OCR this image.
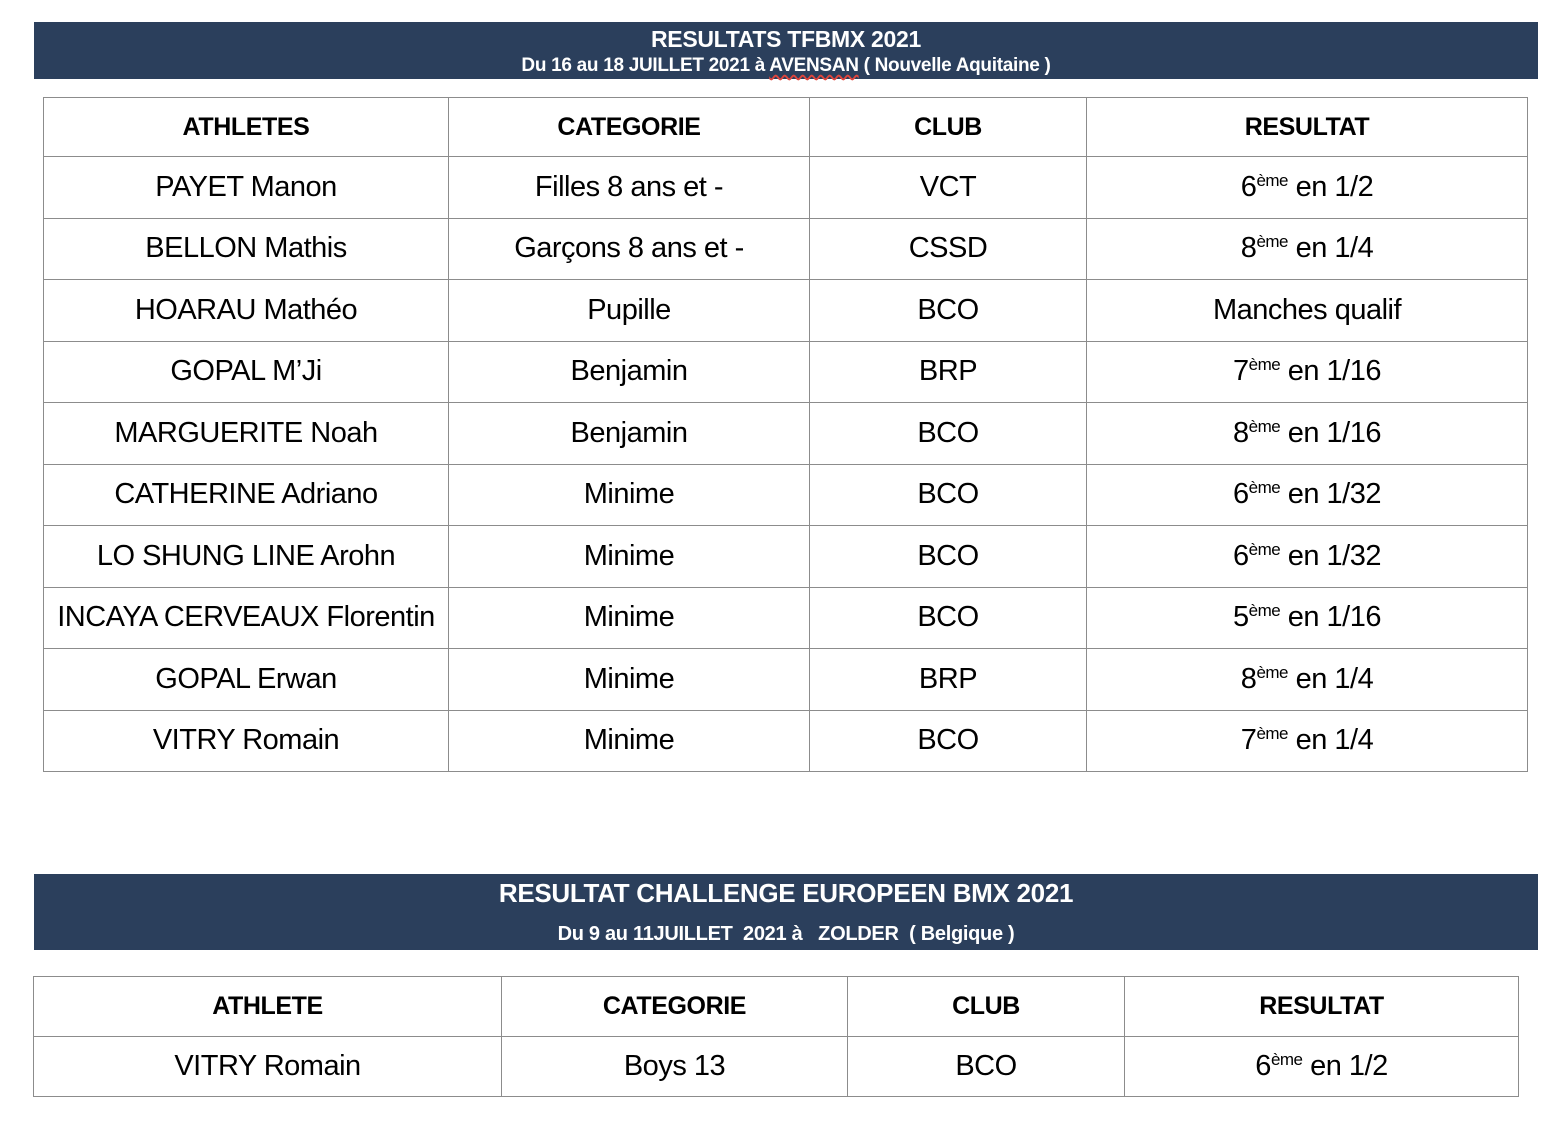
RESULTATS TFBMX 2021
Du 16 au 18 JUILLET 2021 à AVENSAN ( Nouvelle Aquitaine )
ATHLETES	CATEGORIE	CLUB	RESULTAT
PAYET Manon	Filles 8 ans et -	VCT	6ème en 1/2
BELLON Mathis	Garçons 8 ans et -	CSSD	8ème en 1/4
HOARAU Mathéo	Pupille	BCO	Manches qualif
GOPAL M’Ji	Benjamin	BRP	7ème en 1/16
MARGUERITE Noah	Benjamin	BCO	8ème en 1/16
CATHERINE Adriano	Minime	BCO	6ème en 1/32
LO SHUNG LINE Arohn	Minime	BCO	6ème en 1/32
INCAYA CERVEAUX Florentin	Minime	BCO	5ème en 1/16
GOPAL Erwan	Minime	BRP	8ème en 1/4
VITRY Romain	Minime	BCO	7ème en 1/4
RESULTAT CHALLENGE EUROPEEN BMX 2021
Du 9 au 11JUILLET  2021 à   ZOLDER  ( Belgique )
ATHLETE	CATEGORIE	CLUB	RESULTAT
VITRY Romain	Boys 13	BCO	6ème en 1/2
